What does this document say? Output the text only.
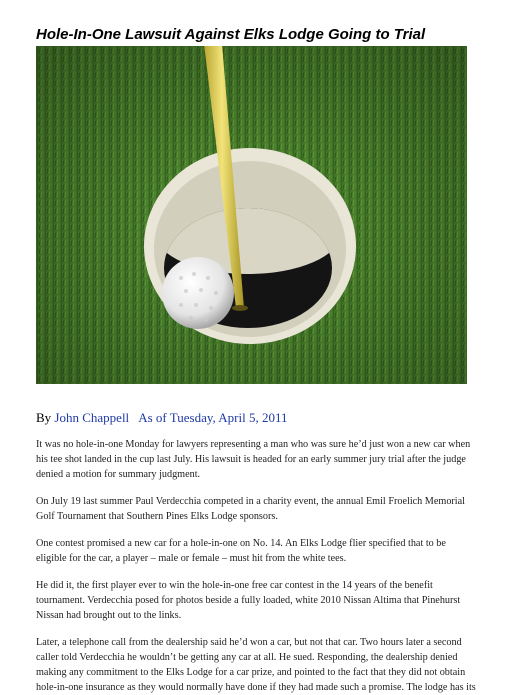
Hole-In-One Lawsuit Against Elks Lodge Going to Trial
By John Chappell As of Tuesday, April 5, 2011

It was no hole-in-one Monday for lawyers representing a man who was sure he’d just won a new car when his tee shot landed in the cup last July. His lawsuit is headed for an early summer jury trial after the judge denied a motion for summary judgment.

On July 19 last summer Paul Verdecchia competed in a charity event, the annual Emil Froelich Memorial Golf Tournament that Southern Pines Elks Lodge sponsors.

One contest promised a new car for a hole-in-one on No. 14. An Elks Lodge flier specified that to be eligible for the car, a player – male or female – must hit from the white tees.

He did it, the first player ever to win the hole-in-one free car contest in the 14 years of the benefit tournament. Verdecchia posed for photos beside a fully loaded, white 2010 Nissan Altima that Pinehurst Nissan had brought out to the links.

Later, a telephone call from the dealership said he’d won a car, but not that car. Two hours later a second caller told Verdecchia he wouldn’t be getting any car at all. He sued. Responding, the dealership denied making any commitment to the Elks Lodge for a car prize, and pointed to the fact that they did not obtain hole-in-one insurance as they would normally have done if they had made such a promise. The lodge has its
